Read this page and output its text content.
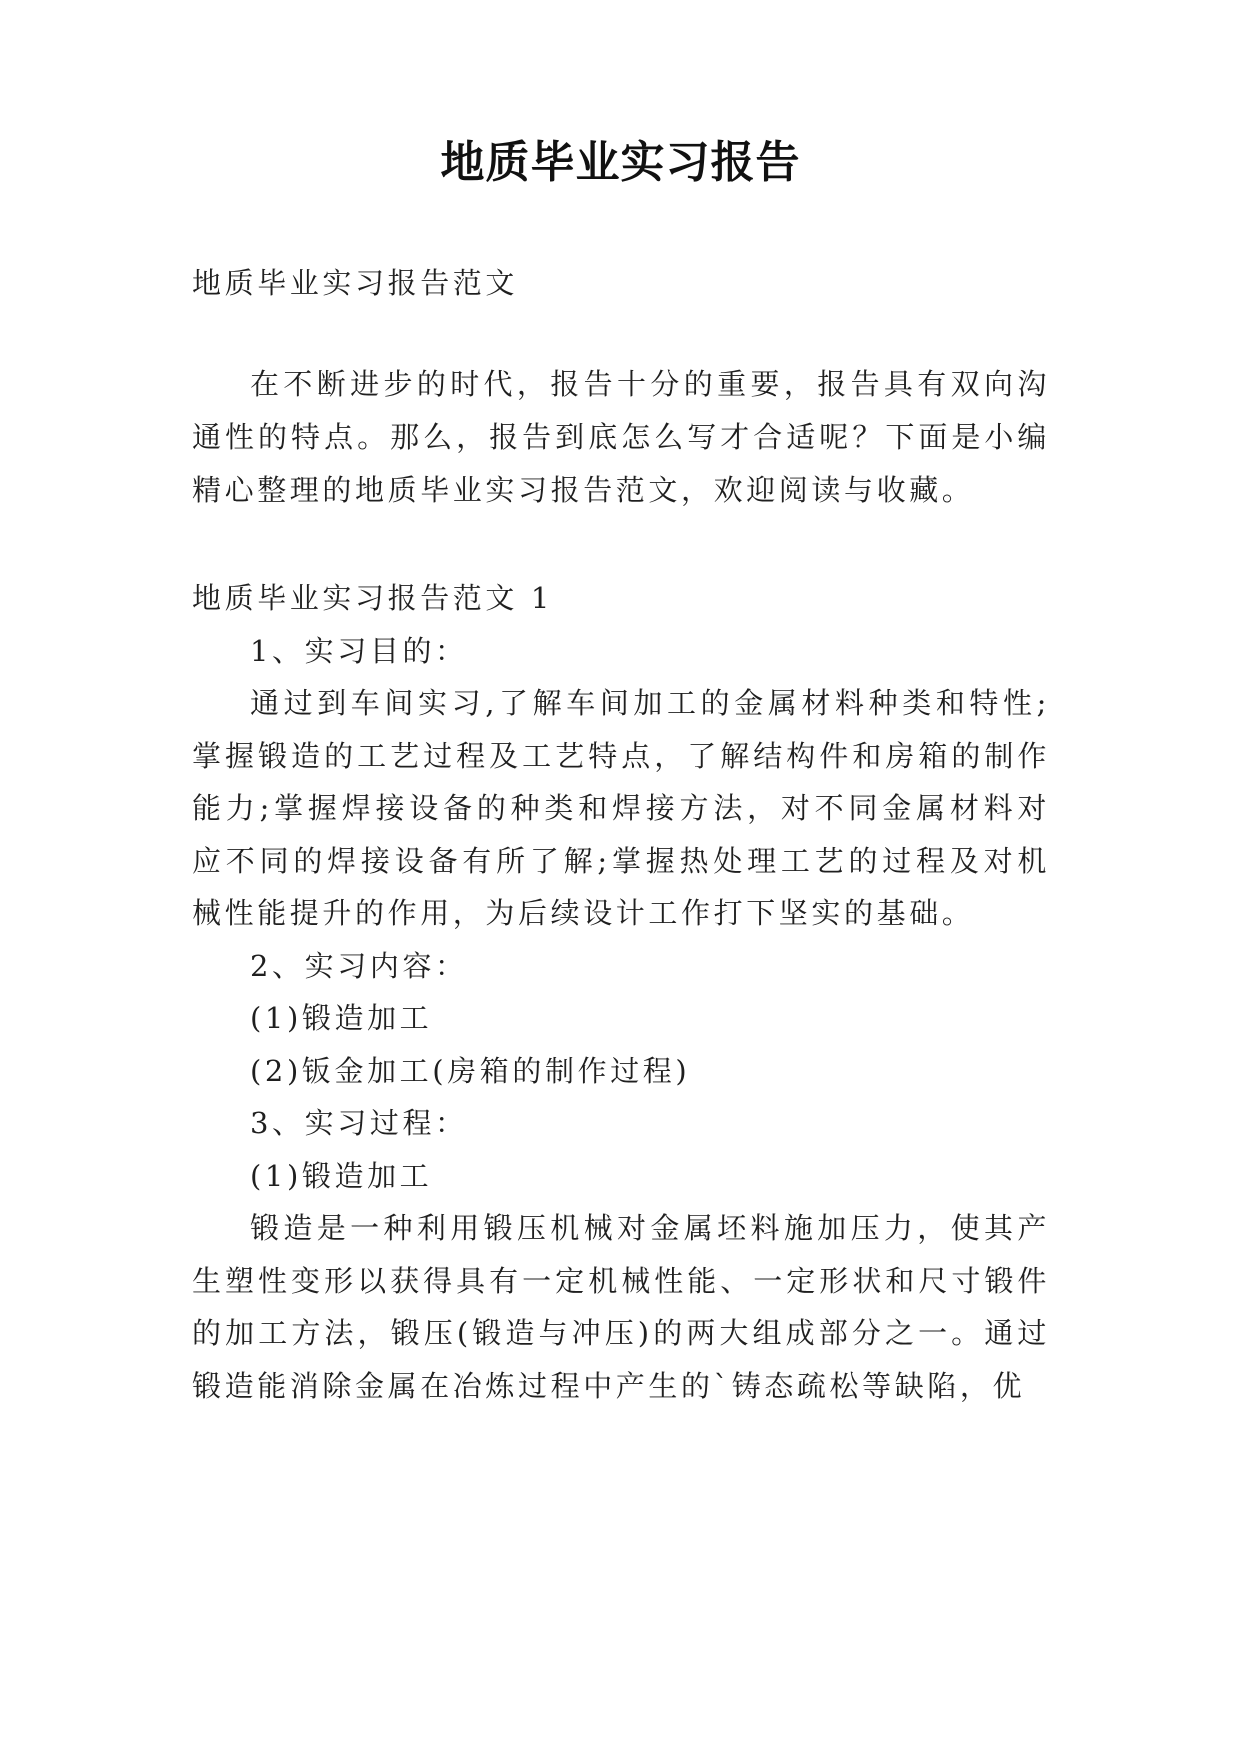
地质毕业实习报告
地质毕业实习报告范文
在不断进步的时代，报告十分的重要，报告具有双向沟通性的特点。那么，报告到底怎么写才合适呢？下面是小编精心整理的地质毕业实习报告范文，欢迎阅读与收藏。

地质毕业实习报告范文 1

1、实习目的：

通过到车间实习,了解车间加工的金属材料种类和特性;掌握锻造的工艺过程及工艺特点，了解结构件和房箱的制作能力;掌握焊接设备的种类和焊接方法，对不同金属材料对应不同的焊接设备有所了解;掌握热处理工艺的过程及对机械性能提升的作用，为后续设计工作打下坚实的基础。

2、实习内容：

(1)锻造加工

(2)钣金加工(房箱的制作过程)

3、实习过程：

(1)锻造加工

锻造是一种利用锻压机械对金属坯料施加压力，使其产生塑性变形以获得具有一定机械性能、一定形状和尺寸锻件的加工方法，锻压(锻造与冲压)的两大组成部分之一。通过锻造能消除金属在冶炼过程中产生的`铸态疏松等缺陷，优
